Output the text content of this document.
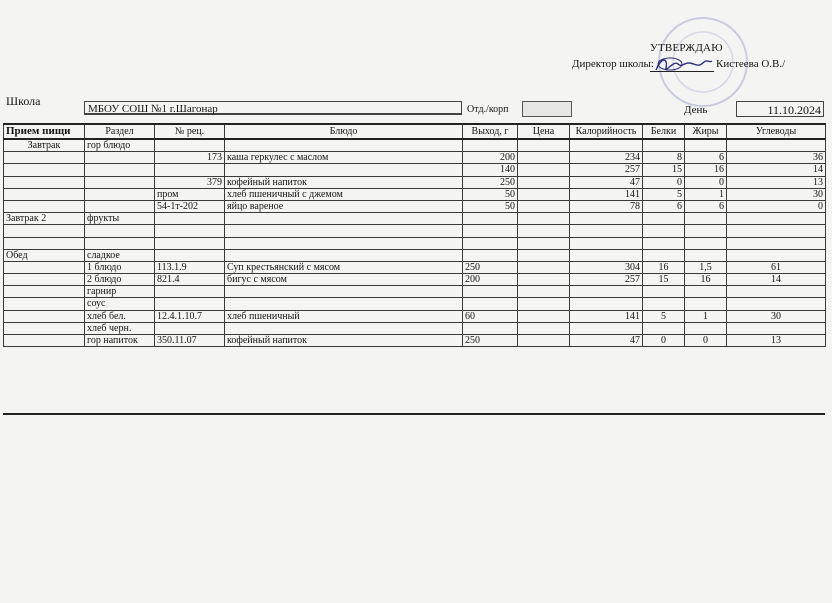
УТВЕРЖДАЮ
Директор школы:	Кистеева О.В./
Школа
МБОУ СОШ №1 г.Шагонар	Отд./корп	День	11.10.2024
Прием пищи	Раздел	№ рец.	Блюдо	Выход, г	Цена	Калорийность	Белки	Жиры	Углеводы
Завтрак	гор блюдо								
		173	каша геркулес с маслом	200		234	8	6	36
				140		257	15	16	14
		379	кофейный напиток	250		47	0	0	13
		пром	хлеб пшеничный с джемом	50		141	5	1	30
		54-1т-202	яйцо вареное	50		78	6	6	0
Завтрак 2	фрукты								

Обед	сладкое								
	1 блюдо	113.1.9	Суп крестьянский с мясом	250		304	16	1,5	61
	2 блюдо	821.4	бигус с мясом	200		257	15	16	14
	гарнир								
	соус								
	хлеб бел.	12.4.1.10.7	хлеб пшеничный	60		141	5	1	30
	хлеб черн.								
	гор напиток	350.11.07	кофейный напиток	250		47	0	0	13
